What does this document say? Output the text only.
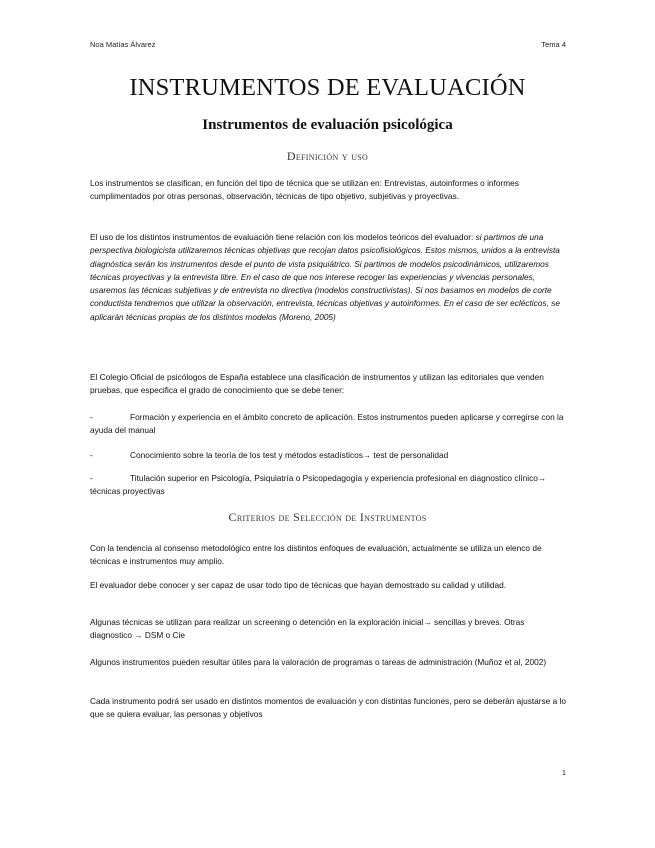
Noa Matías Álvarez	Tema 4
INSTRUMENTOS DE EVALUACIÓN
Instrumentos de evaluación psicológica
Definición y uso

Los instrumentos se clasifican, en función del tipo de técnica que se utilizan en: Entrevistas, autoinformes o informes cumplimentados por otras personas, observación, técnicas de tipo objetivo, subjetivas y proyectivas.

El uso de los distintos instrumentos de evaluación tiene relación con los modelos teóricos del evaluador: si partimos de una perspectiva biologicista utilizaremos técnicas objetivas que recojan datos psicofisiológicos. Estos mismos, unidos a la entrevista diagnóstica serán los instrumentos desde el punto de vista psiquiátrico. Si partimos de modelos psicodinámicos, utilizaremos técnicas proyectivas y la entrevista libre. En el caso de que nos interese recoger las experiencias y vivencias personales, usaremos las técnicas subjetivas y de entrevista no directiva (modelos constructivistas). Si nos basamos en modelos de corte conductista tendremos que utilizar la observación, entrevista, técnicas objetivas y autoinformes. En el caso de ser eclécticos, se aplicarán técnicas propias de los distintos modelos (Moreno, 2005)

El Colegio Oficial de psicólogos de España establece una clasificación de instrumentos y utilizan las editoriales que venden pruebas, que especifica el grado de conocimiento que se debe tener:

-	Formación y experiencia en el ámbito concreto de aplicación. Estos instrumentos pueden aplicarse y corregirse con la ayuda del manual
-	Conocimiento sobre la teoría de los test y métodos estadísticos→ test de personalidad
-	Titulación superior en Psicología, Psiquiatría o Psicopedagogía y experiencia profesional en diagnostico clínico→ técnicas proyectivas
Criterios de Selección de Instrumentos

Con la tendencia al consenso metodológico entre los distintos enfoques de evaluación, actualmente se utiliza un elenco de técnicas e instrumentos muy amplio.

El evaluador debe conocer y ser capaz de usar todo tipo de técnicas que hayan demostrado su calidad y utilidad.

Algunas técnicas se utilizan para realizar un screening o detención en la exploración inicial→ sencillas y breves. Otras diagnostico → DSM o Cie

Algunos instrumentos pueden resultar útiles para la valoración de programas o tareas de administración (Muñoz et al, 2002)

Cada instrumento podrá ser usado en distintos momentos de evaluación y con distintas funciones, pero se deberán ajustarse a lo que se quiera evaluar, las personas y objetivos

1
